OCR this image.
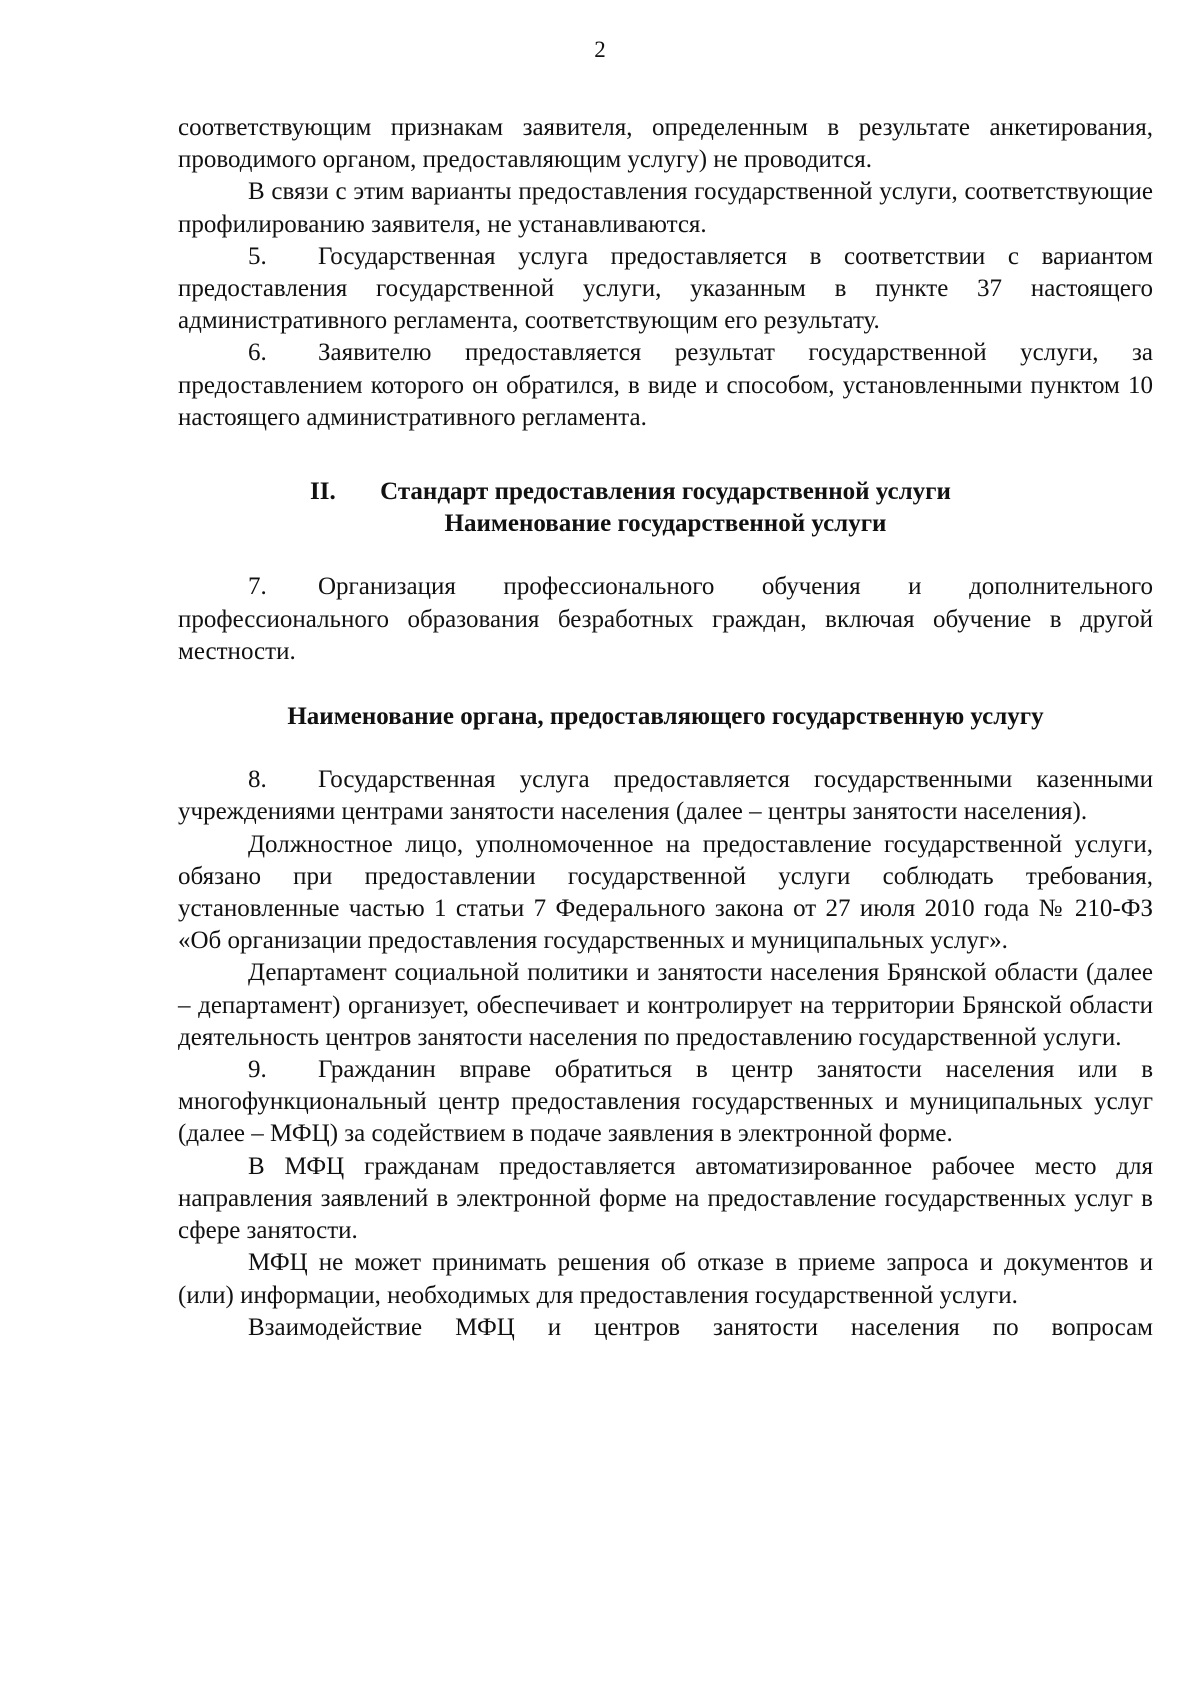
2

соответствующим признакам заявителя, определенным в результате анкетирования, проводимого органом, предоставляющим услугу) не проводится.

В связи с этим варианты предоставления государственной услуги, соответствующие профилированию заявителя, не устанавливаются.

5. Государственная услуга предоставляется в соответствии с вариантом предоставления государственной услуги, указанным в пункте 37 настоящего административного регламента, соответствующим его результату.

6. Заявителю предоставляется результат государственной услуги, за предоставлением которого он обратился, в виде и способом, установленными пунктом 10 настоящего административного регламента.

II.	Стандарт предоставления государственной услуги
Наименование государственной услуги

7. Организация профессионального обучения и дополнительного профессионального образования безработных граждан, включая обучение в другой местности.

Наименование органа, предоставляющего государственную услугу

8. Государственная услуга предоставляется государственными казенными учреждениями центрами занятости населения (далее – центры занятости населения).

Должностное лицо, уполномоченное на предоставление государственной услуги, обязано при предоставлении государственной услуги соблюдать требования, установленные частью 1 статьи 7 Федерального закона от 27 июля 2010 года № 210-ФЗ «Об организации предоставления государственных и муниципальных услуг».

Департамент социальной политики и занятости населения Брянской области (далее – департамент) организует, обеспечивает и контролирует на территории Брянской области деятельность центров занятости населения по предоставлению государственной услуги.

9. Гражданин вправе обратиться в центр занятости населения или в многофункциональный центр предоставления государственных и муниципальных услуг (далее – МФЦ) за содействием в подаче заявления в электронной форме.

В МФЦ гражданам предоставляется автоматизированное рабочее место для направления заявлений в электронной форме на предоставление государственных услуг в сфере занятости.

МФЦ не может принимать решения об отказе в приеме запроса и документов и (или) информации, необходимых для предоставления государственной услуги.

Взаимодействие МФЦ и центров занятости населения по вопросам
